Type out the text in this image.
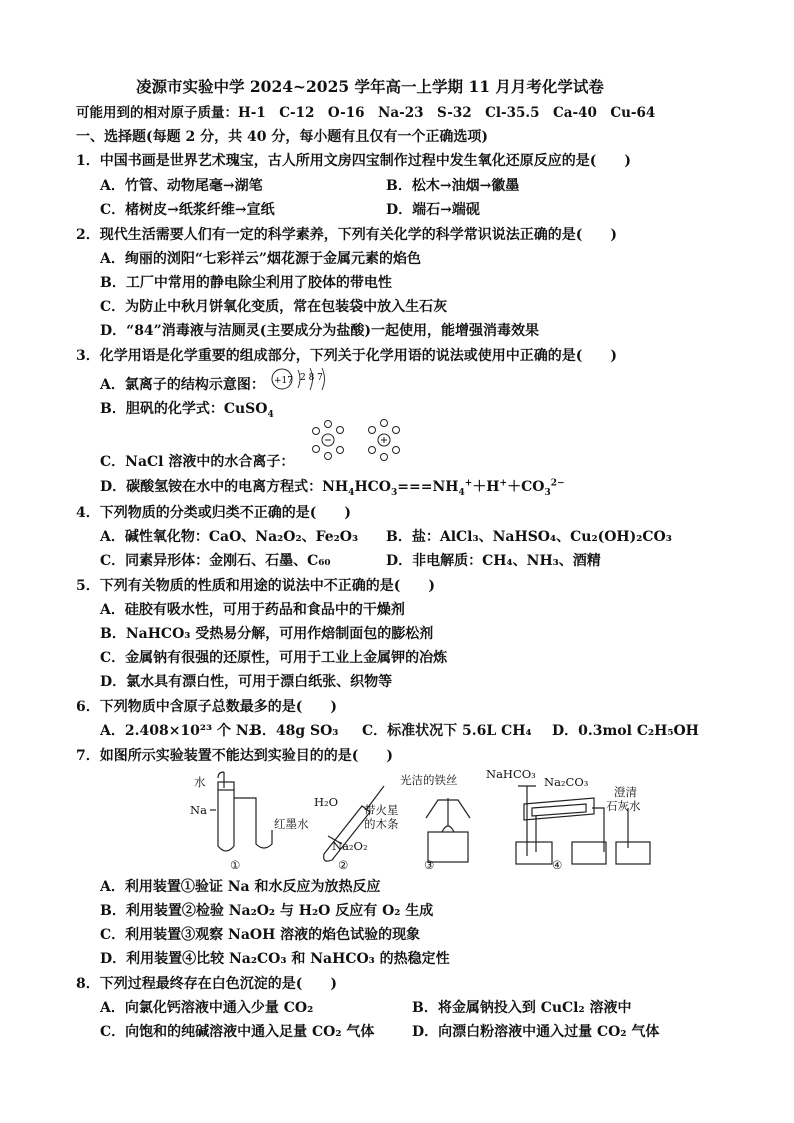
凌源市实验中学 2024~2025 学年高一上学期 11 月月考化学试卷
可能用到的相对原子质量：H-1　C-12　O-16　Na-23　S-32　Cl-35.5　Ca-40　Cu-64
一、选择题(每题 2 分，共 40 分，每小题有且仅有一个正确选项)
1．中国书画是世界艺术瑰宝，古人所用文房四宝制作过程中发生氧化还原反应的是(　　)
A．竹管、动物尾毫→湖笔	B．松木→油烟→徽墨
C．楮树皮→纸浆纤维→宣纸	D．端石→端砚
2．现代生活需要人们有一定的科学素养，下列有关化学的科学常识说法正确的是(　　)
A．绚丽的浏阳“七彩祥云”烟花源于金属元素的焰色
B．工厂中常用的静电除尘利用了胶体的带电性
C．为防止中秋月饼氧化变质，常在包装袋中放入生石灰
D．“84”消毒液与洁厕灵(主要成分为盐酸)一起使用，能增强消毒效果
3．化学用语是化学重要的组成部分，下列关于化学用语的说法或使用中正确的是(　　)
A．氯离子的结构示意图： +17 2 8 7
B．胆矾的化学式：CuSO$_4$
C．NaCl 溶液中的水合离子：
D．碳酸氢铵在水中的电离方程式：$NH_4HCO_3===NH_4^++H^++CO_3^{2-}$
4．下列物质的分类或归类不正确的是(　　)
A．碱性氧化物：CaO、Na₂O₂、Fe₂O₃ B．盐：AlCl₃、NaHSO₄、Cu₂(OH)₂CO₃
C．同素异形体：金刚石、石墨、C₆₀	D．非电解质：CH₄、NH₃、酒精
5．下列有关物质的性质和用途的说法中不正确的是(　　)
A．硅胶有吸水性，可用于药品和食品中的干燥剂
B．NaHCO₃ 受热易分解，可用作焙制面包的膨松剂
C．金属钠有很强的还原性，可用于工业上金属钾的冶炼
D．氯水具有漂白性，可用于漂白纸张、织物等
6．下列物质中含原子总数最多的是(　　)
A．2.408×10²³ 个 N₂
B．48g SO₃ C．标准状况下 5.6L CH₄ D．0.3mol C₂H₅OH
7．如图所示实验装置不能达到实验目的的是(　　)
水
Na
红墨水
H₂O
带火星
的木条
Na₂O₂
光洁的铁丝 NaHCO₃
Na₂CO₃
澄清
石灰水
①	②	③	④
A．利用装置①验证 Na 和水反应为放热反应
B．利用装置②检验 Na₂O₂ 与 H₂O 反应有 O₂ 生成
C．利用装置③观察 NaOH 溶液的焰色试验的现象
D．利用装置④比较 Na₂CO₃ 和 NaHCO₃ 的热稳定性
8．下列过程最终存在白色沉淀的是(　　)
A．向氯化钙溶液中通入少量 CO₂	B．将金属钠投入到 CuCl₂ 溶液中
C．向饱和的纯碱溶液中通入足量 CO₂ 气体	D．向漂白粉溶液中通入过量 CO₂ 气体
